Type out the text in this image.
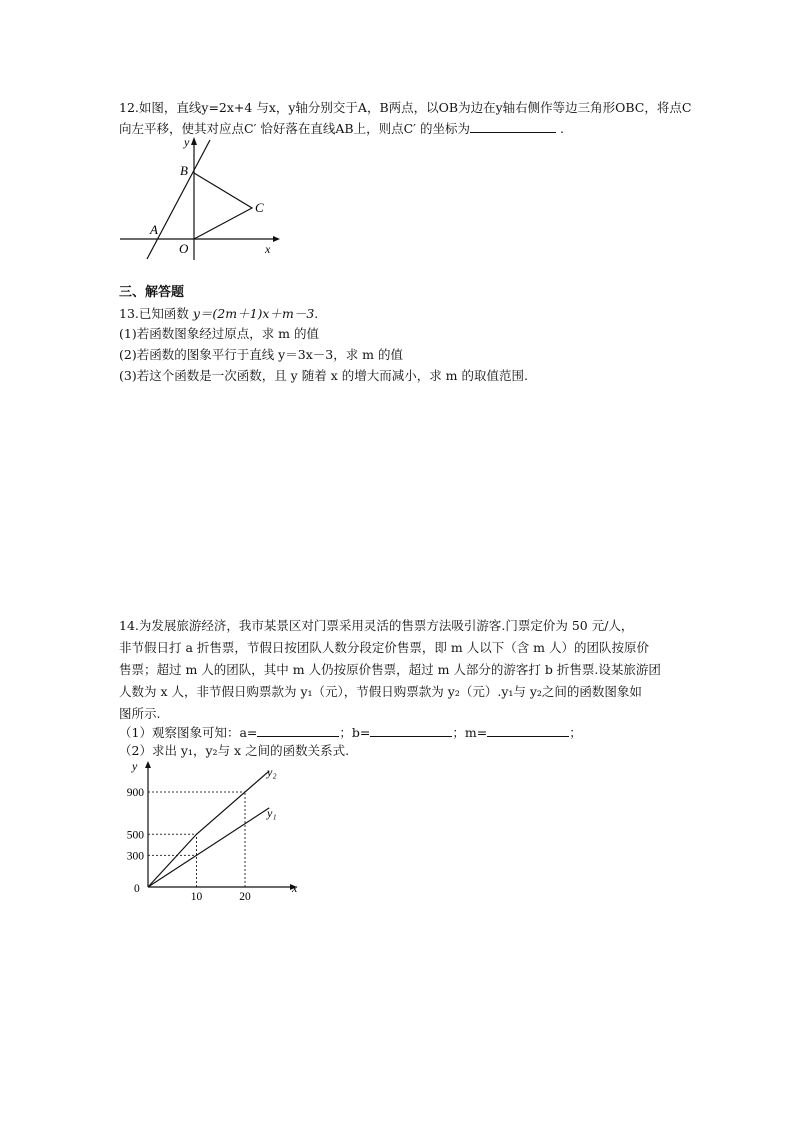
12.如图，直线y=2x+4 与x，y轴分别交于A，B两点，以OB为边在y轴右侧作等边三角形OBC，将点C
向左平移，使其对应点C′ 恰好落在直线AB上，则点C′ 的坐标为	.
y
B
C
A
O	x
三、解答题
13.已知函数 y＝(2m＋1)x＋m－3.
(1)若函数图象经过原点，求 m 的值
(2)若函数的图象平行于直线 y＝3x－3，求 m 的值
(3)若这个函数是一次函数，且 y 随着 x 的增大而减小，求 m 的取值范围.
14.为发展旅游经济，我市某景区对门票采用灵活的售票方法吸引游客.门票定价为 50 元/人，
非节假日打 a 折售票，节假日按团队人数分段定价售票，即 m 人以下（含 m 人）的团队按原价
售票；超过 m 人的团队，其中 m 人仍按原价售票，超过 m 人部分的游客打 b 折售票.设某旅游团
人数为 x 人，非节假日购票款为 y₁（元），节假日购票款为 y₂（元）.y₁与 y₂之间的函数图象如
图所示.
（1）观察图象可知：a=	；b=	；m=	；
（2）求出 y₁，y₂与 x 之间的函数关系式.
y₂
y₁
300
500
900
10	20
0	x
y
